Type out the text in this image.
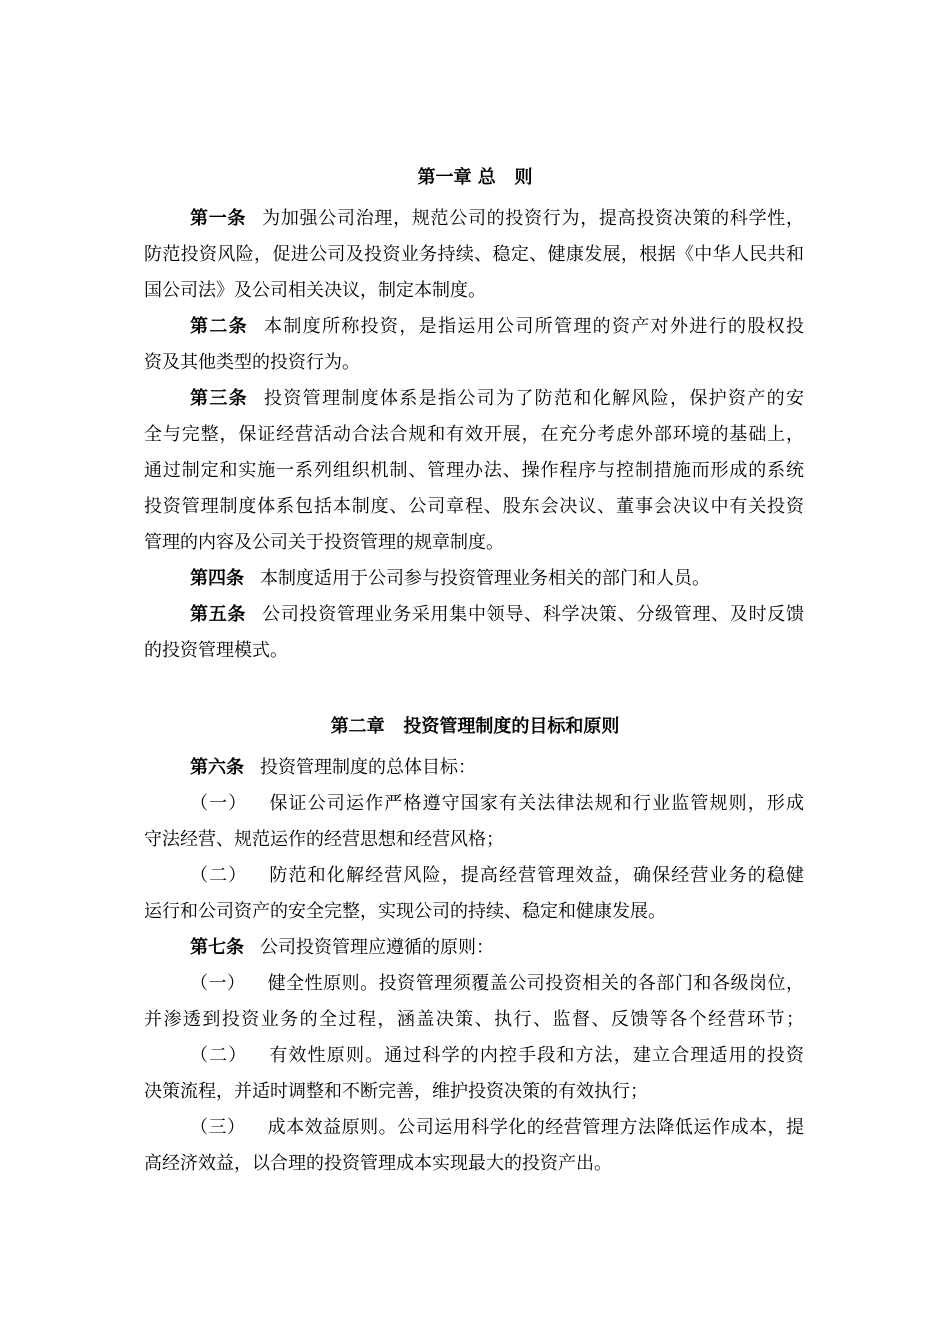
第一章 总   则
第一条 为加强公司治理，规范公司的投资行为，提高投资决策的科学性，
防范投资风险，促进公司及投资业务持续、稳定、健康发展，根据《中华人民共和
国公司法》及公司相关决议，制定本制度。
第二条 本制度所称投资，是指运用公司所管理的资产对外进行的股权投
资及其他类型的投资行为。
第三条 投资管理制度体系是指公司为了防范和化解风险，保护资产的安
全与完整，保证经营活动合法合规和有效开展，在充分考虑外部环境的基础上，
通过制定和实施一系列组织机制、管理办法、操作程序与控制措施而形成的系统
投资管理制度体系包括本制度、公司章程、股东会决议、董事会决议中有关投资
管理的内容及公司关于投资管理的规章制度。
第四条 本制度适用于公司参与投资管理业务相关的部门和人员。
第五条 公司投资管理业务采用集中领导、科学决策、分级管理、及时反馈
的投资管理模式。
第二章   投资管理制度的目标和原则
第六条 投资管理制度的总体目标：
（一） 保证公司运作严格遵守国家有关法律法规和行业监管规则，形成
守法经营、规范运作的经营思想和经营风格；
（二） 防范和化解经营风险，提高经营管理效益，确保经营业务的稳健
运行和公司资产的安全完整，实现公司的持续、稳定和健康发展。
第七条 公司投资管理应遵循的原则：
（一） 健全性原则。投资管理须覆盖公司投资相关的各部门和各级岗位，
并渗透到投资业务的全过程，涵盖决策、执行、监督、反馈等各个经营环节；
（二） 有效性原则。通过科学的内控手段和方法，建立合理适用的投资
决策流程，并适时调整和不断完善，维护投资决策的有效执行；
（三） 成本效益原则。公司运用科学化的经营管理方法降低运作成本，提
高经济效益，以合理的投资管理成本实现最大的投资产出。
